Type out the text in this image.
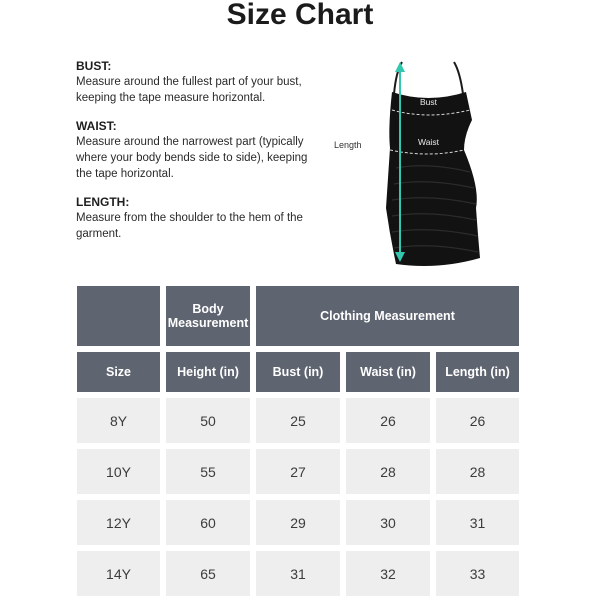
Size Chart
BUST:
Measure around the fullest part of your bust, keeping the tape measure horizontal.
WAIST:
Measure around the narrowest part (typically where your body bends side to side), keeping the tape horizontal.
LENGTH:
Measure from the shoulder to the hem of the garment.
Length
Bust
Waist
	Body Measurement	Clothing Measurement		
Size	Height (in)	Bust (in)	Waist (in)	Length (in)
8Y	50	25	26	26
10Y	55	27	28	28
12Y	60	29	30	31
14Y	65	31	32	33
